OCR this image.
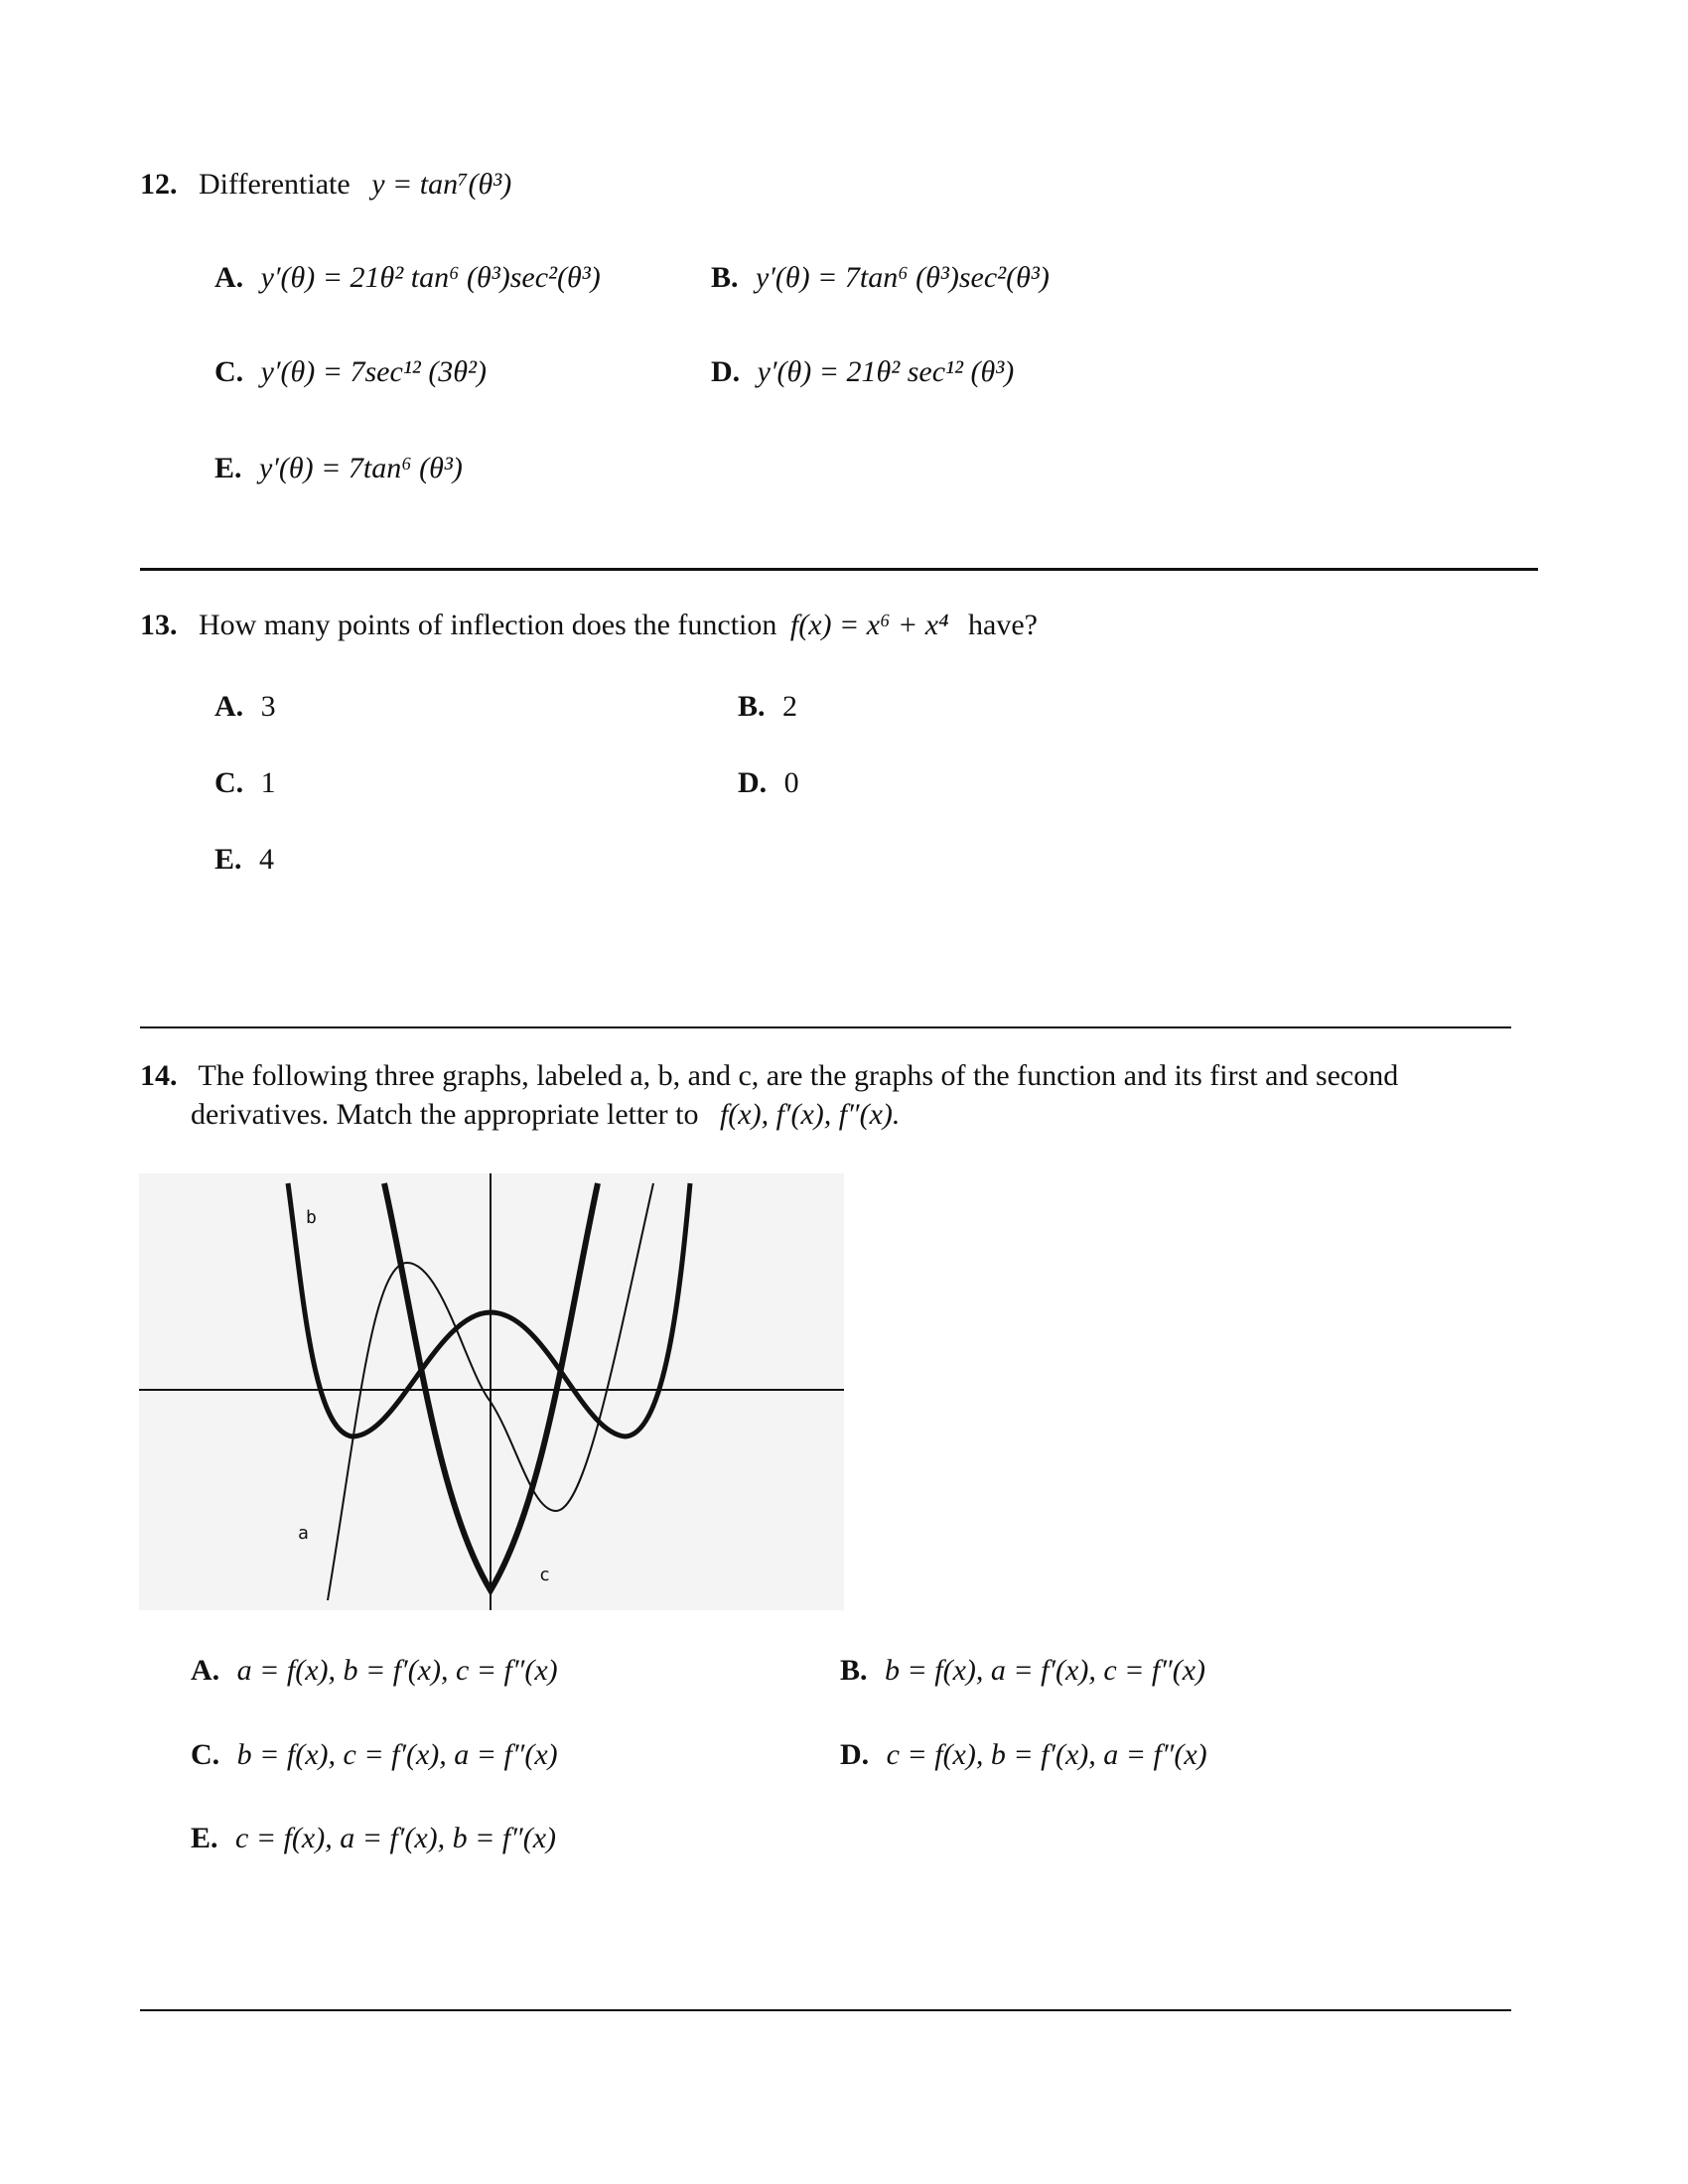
12. Differentiate y = tan⁷(θ³)
A. y′(θ) = 21θ² tan⁶ (θ³)sec²(θ³)	B. y′(θ) = 7tan⁶ (θ³)sec²(θ³)
C. y′(θ) = 7sec¹² (3θ²)	D. y′(θ) = 21θ² sec¹² (θ³)
E. y′(θ) = 7tan⁶ (θ³)
13. How many points of inflection does the function f(x) = x⁶ + x⁴ have?
A. 3	B. 2
C. 1	D. 0
E. 4
14. The following three graphs, labeled a, b, and c, are the graphs of the function and its first and second
derivatives. Match the appropriate letter to f(x), f′(x), f″(x).
b
a
c
A. a = f(x), b = f′(x), c = f″(x)	B. b = f(x), a = f′(x), c = f″(x)
C. b = f(x), c = f′(x), a = f″(x)	D. c = f(x), b = f′(x), a = f″(x)
E. c = f(x), a = f′(x), b = f″(x)
